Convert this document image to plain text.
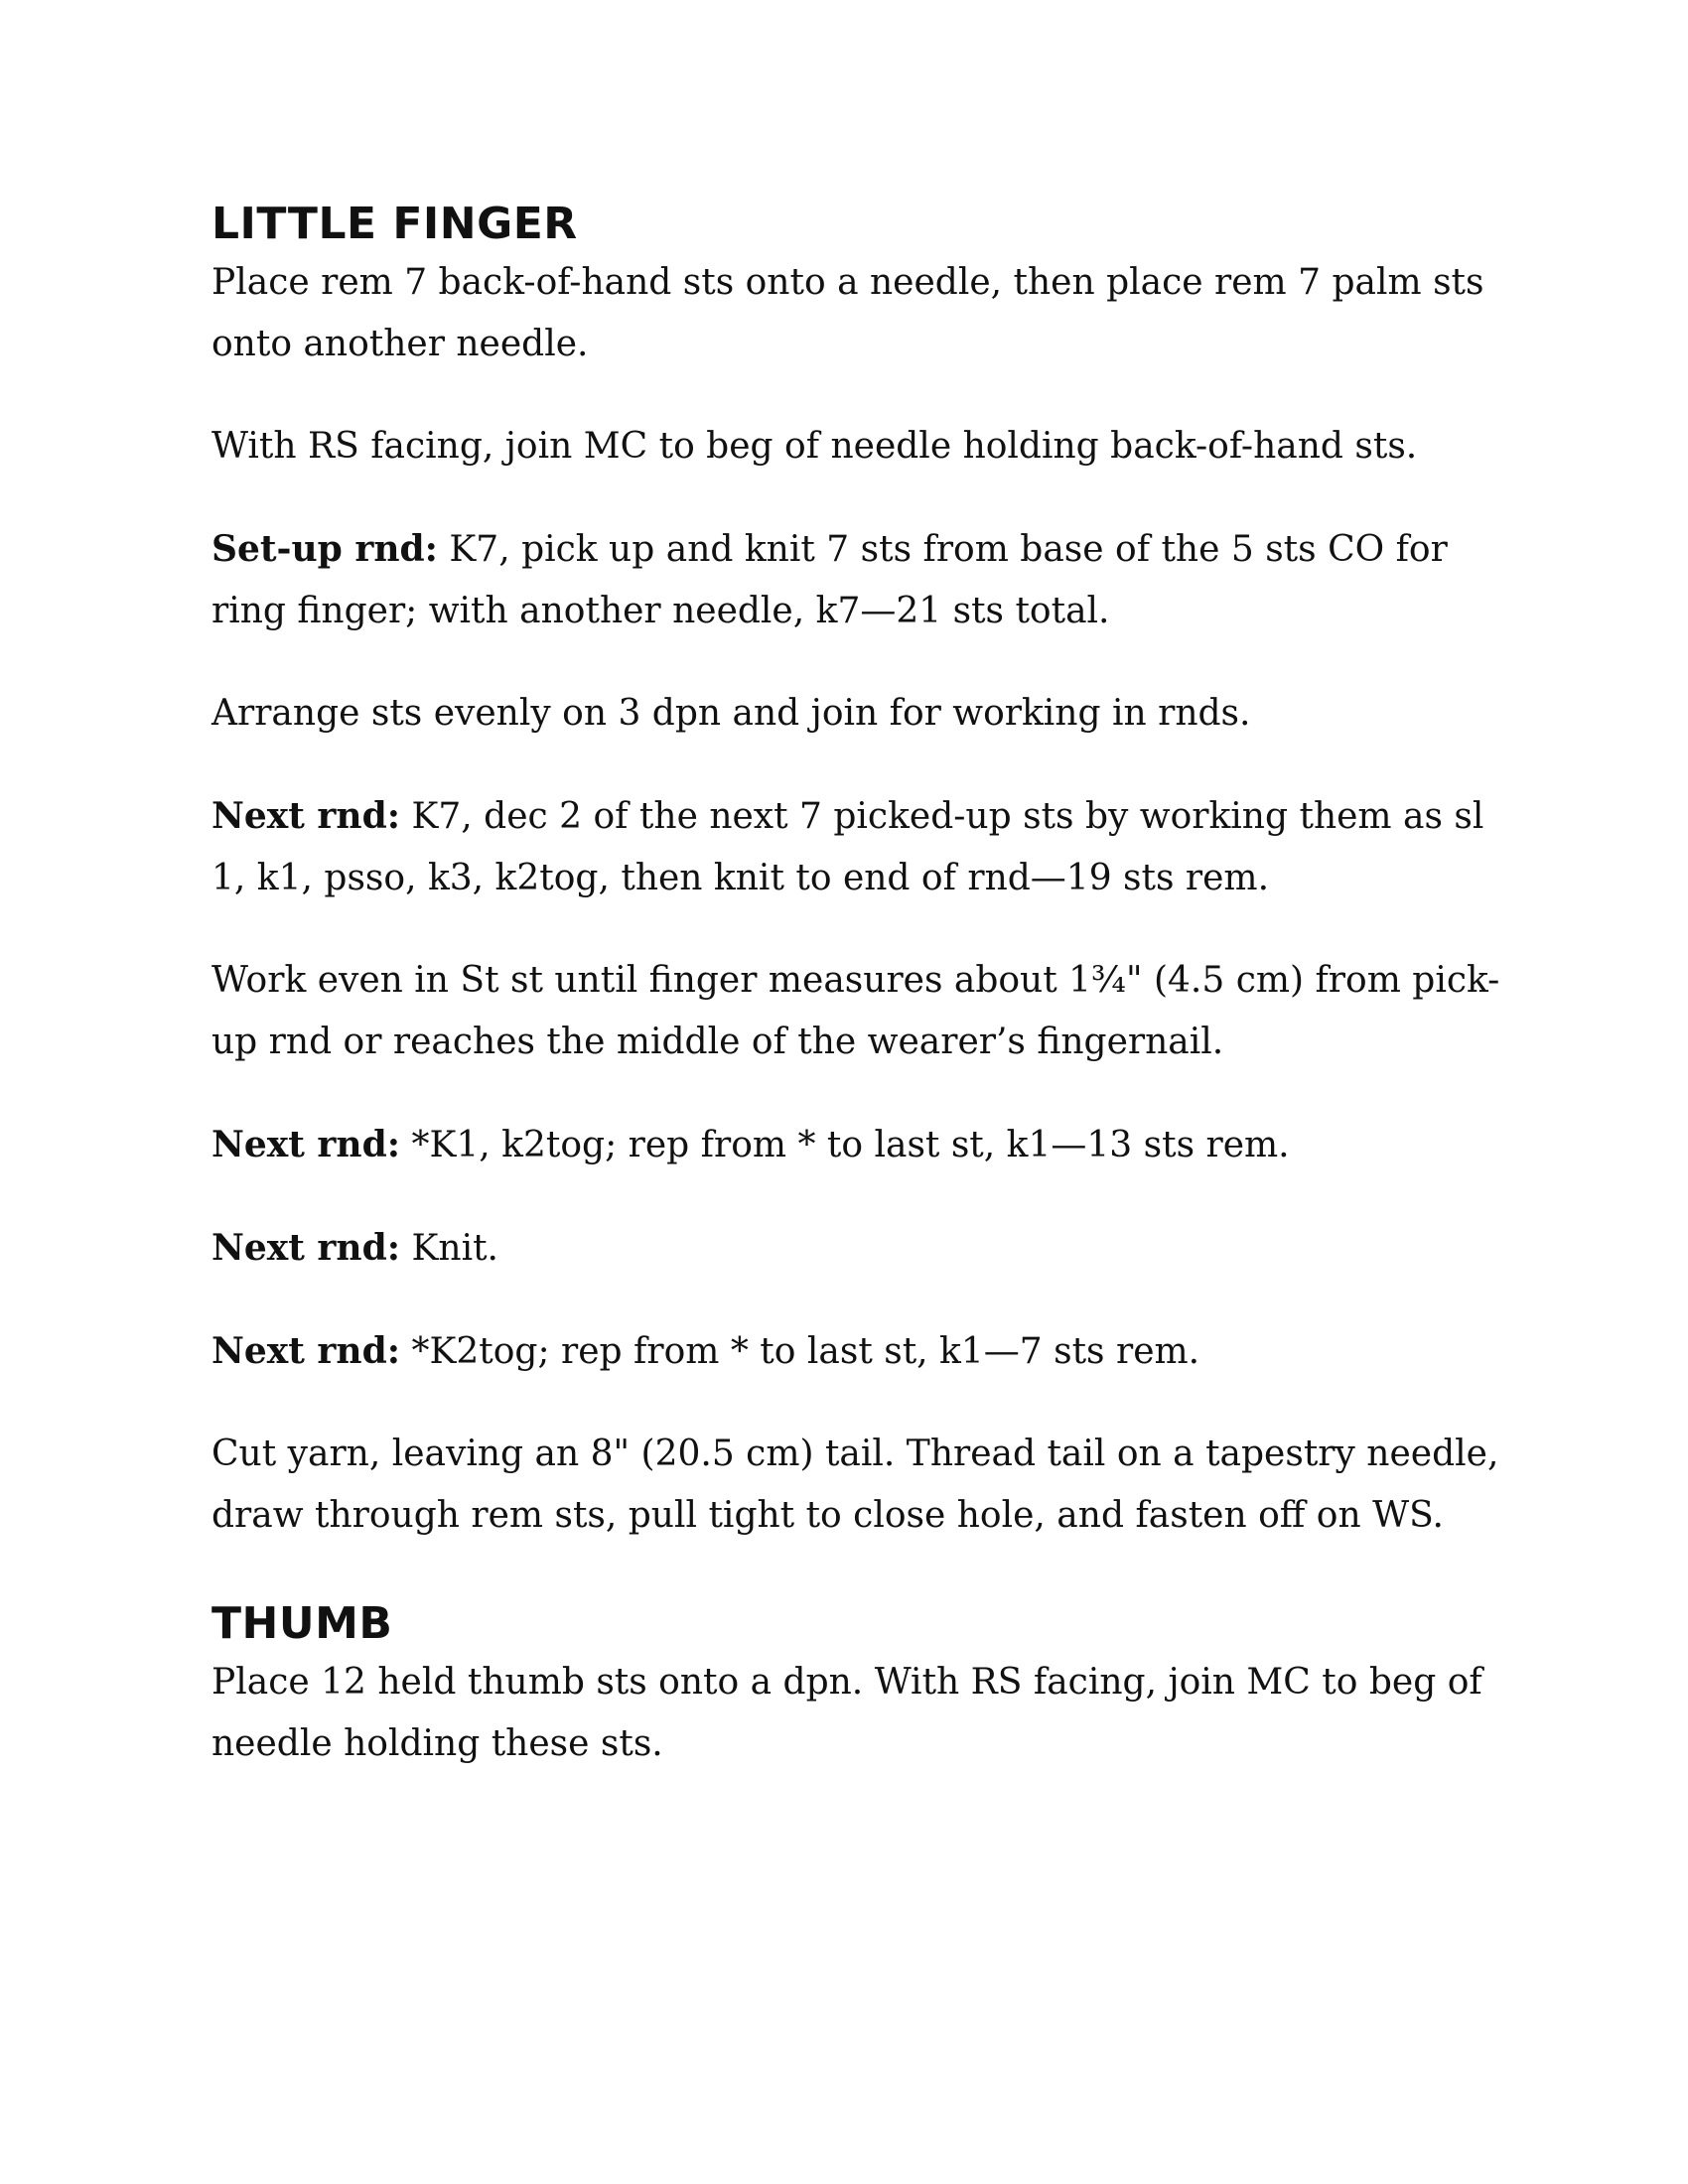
LITTLE FINGER

Place rem 7 back-of-hand sts onto a needle, then place rem 7 palm sts onto another needle.

With RS facing, join MC to beg of needle holding back-of-hand sts.

Set-up rnd: K7, pick up and knit 7 sts from base of the 5 sts CO for ring finger; with another needle, k7—21 sts total.

Arrange sts evenly on 3 dpn and join for working in rnds.

Next rnd: K7, dec 2 of the next 7 picked-up sts by working them as sl 1, k1, psso, k3, k2tog, then knit to end of rnd—19 sts rem.

Work even in St st until finger measures about 1¾" (4.5 cm) from pick-up rnd or reaches the middle of the wearer’s fingernail.

Next rnd: *K1, k2tog; rep from * to last st, k1—13 sts rem.

Next rnd: Knit.

Next rnd: *K2tog; rep from * to last st, k1—7 sts rem.

Cut yarn, leaving an 8" (20.5 cm) tail. Thread tail on a tapestry needle, draw through rem sts, pull tight to close hole, and fasten off on WS.

THUMB

Place 12 held thumb sts onto a dpn. With RS facing, join MC to beg of needle holding these sts.
